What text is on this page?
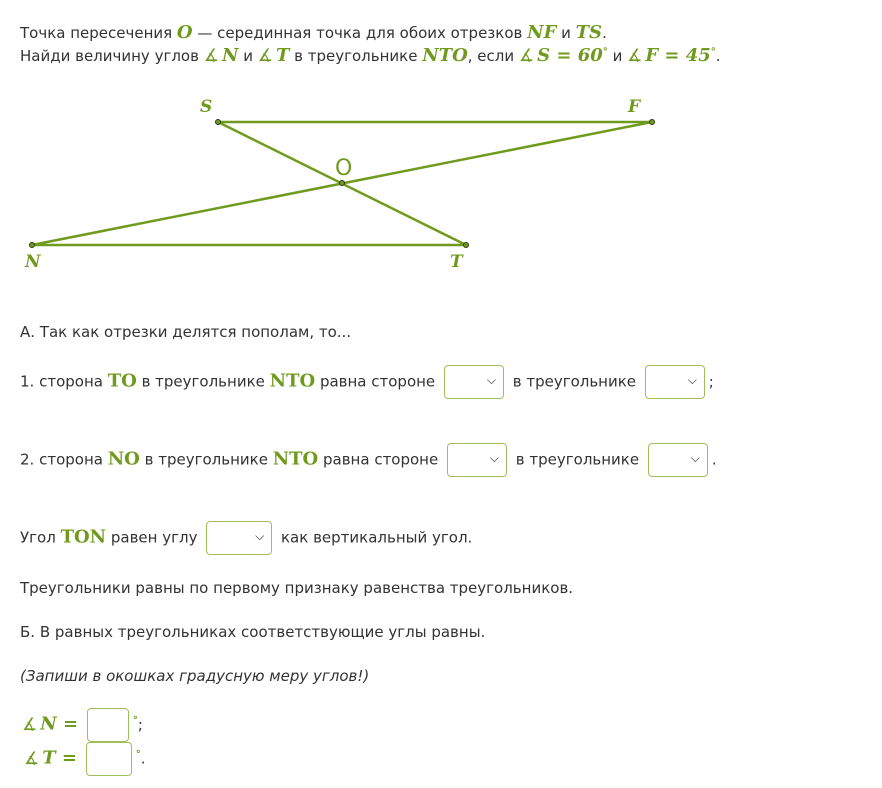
Точка пересечения O — серединная точка для обоих отрезков NF и TS.
Найди величину углов ∡ N и ∡ T в треугольнике NTO, если ∡ S = 60° и ∡ F = 45°.
S	F
O
N	T
А. Так как отрезки делятся пополам, то...
1. сторона TO в треугольнике NTO равна стороне	⌵ в треугольнике	⌵ ;
2. сторона NO в треугольнике NTO равна стороне	⌵ в треугольнике	⌵ .
Угол TON равен углу	⌵ как вертикальный угол.
Треугольники равны по первому признаку равенства треугольников.
Б. В равных треугольниках соответствующие углы равны.
(Запиши в окошках градусную меру углов!)
∡ N =	°;
∡ T =	°.
